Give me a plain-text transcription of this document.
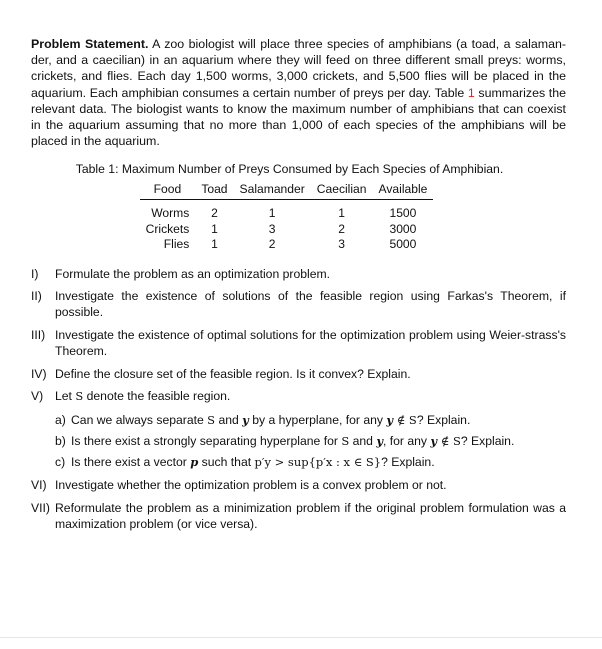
Problem Statement. A zoo biologist will place three species of amphibians (a toad, a salaman-der, and a caecilian) in an aquarium where they will feed on three different small preys: worms, crickets, and flies. Each day 1,500 worms, 3,000 crickets, and 5,500 flies will be placed in the aquarium. Each amphibian consumes a certain number of preys per day. Table 1 summarizes the relevant data. The biologist wants to know the maximum number of amphibians that can coexist in the aquarium assuming that no more than 1,000 of each species of the amphibians will be placed in the aquarium.
Table 1: Maximum Number of Preys Consumed by Each Species of Amphibian.
Food	Toad	Salamander	Caecilian	Available
Worms	2	1	1	1500
Crickets	1	3	2	3000
Flies	1	2	3	5000
I)	Formulate the problem as an optimization problem.
II)	Investigate the existence of solutions of the feasible region using Farkas's Theorem, if possible.
III) Investigate the existence of optimal solutions for the optimization problem using Weier-strass's Theorem.
IV) Define the closure set of the feasible region. Is it convex? Explain.
V) Let S denote the feasible region.
a) Can we always separate S and y by a hyperplane, for any y ∉ S? Explain.
b) Is there exist a strongly separating hyperplane for S and y, for any y ∉ S? Explain.
c) Is there exist a vector p such that p′y > sup{p′x : x ∈ S}? Explain.
VI) Investigate whether the optimization problem is a convex problem or not.
VII) Reformulate the problem as a minimization problem if the original problem formulation was a maximization problem (or vice versa).
